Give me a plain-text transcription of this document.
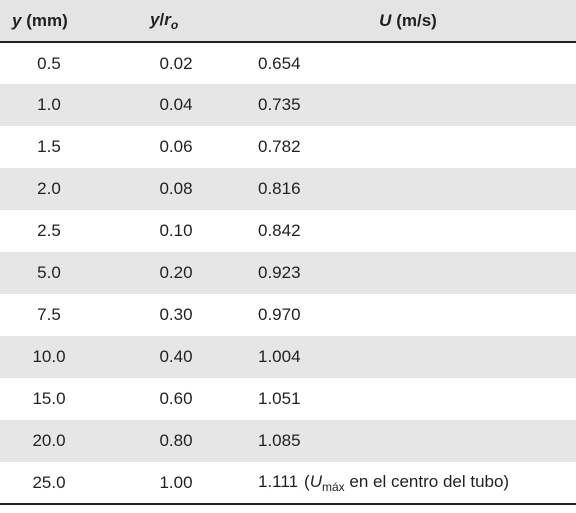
y (mm)	$y/r_o$	U (m/s)
0.5	0.02	0.654
1.0	0.04	0.735
1.5	0.06	0.782
2.0	0.08	0.816
2.5	0.10	0.842
5.0	0.20	0.923
7.5	0.30	0.970
10.0	0.40	1.004
15.0	0.60	1.051
20.0	0.80	1.085
25.0	1.00	1.111 ($U_{máx}$ en el centro del tubo)
